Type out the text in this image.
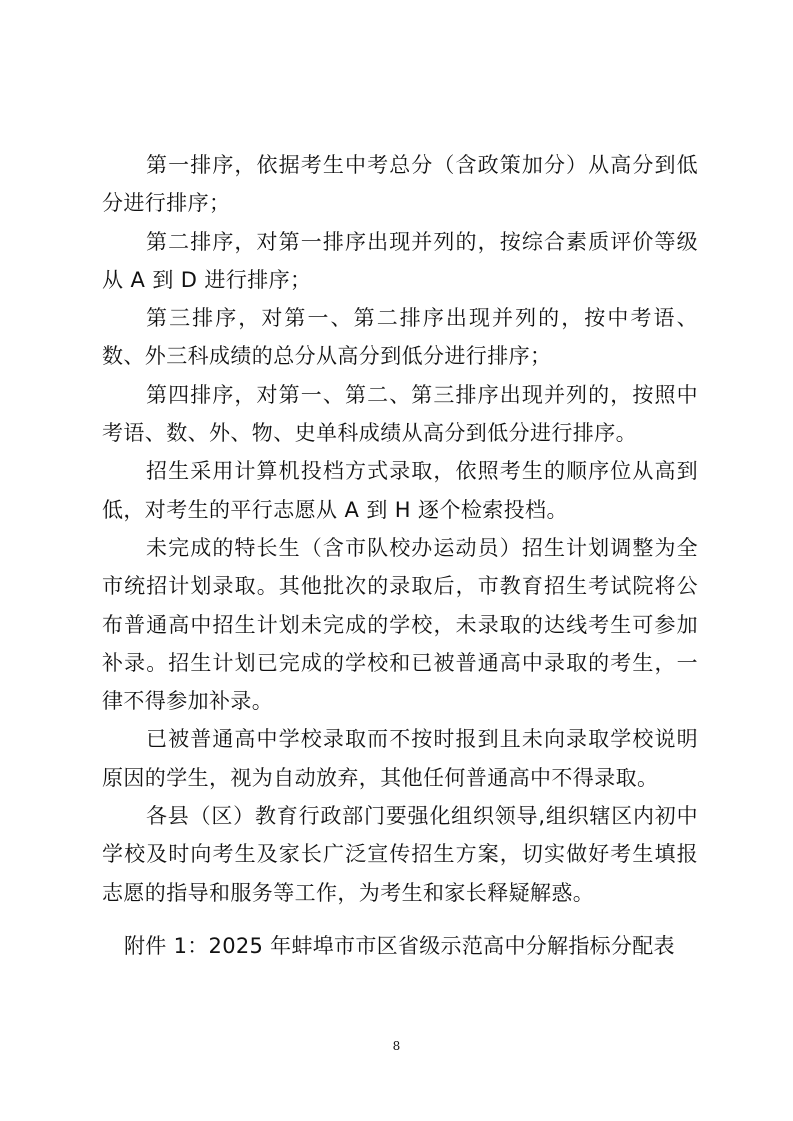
第一排序，依据考生中考总分（含政策加分）从高分到低分进行排序；

第二排序，对第一排序出现并列的，按综合素质评价等级从 A 到 D 进行排序；

第三排序，对第一、第二排序出现并列的，按中考语、数、外三科成绩的总分从高分到低分进行排序；

第四排序，对第一、第二、第三排序出现并列的，按照中考语、数、外、物、史单科成绩从高分到低分进行排序。

招生采用计算机投档方式录取，依照考生的顺序位从高到低，对考生的平行志愿从 A 到 H 逐个检索投档。

未完成的特长生（含市队校办运动员）招生计划调整为全市统招计划录取。其他批次的录取后，市教育招生考试院将公布普通高中招生计划未完成的学校，未录取的达线考生可参加补录。招生计划已完成的学校和已被普通高中录取的考生，一律不得参加补录。

已被普通高中学校录取而不按时报到且未向录取学校说明原因的学生，视为自动放弃，其他任何普通高中不得录取。

各县（区）教育行政部门要强化组织领导,组织辖区内初中学校及时向考生及家长广泛宣传招生方案，切实做好考生填报志愿的指导和服务等工作，为考生和家长释疑解惑。

附件 1：2025 年蚌埠市市区省级示范高中分解指标分配表
8
